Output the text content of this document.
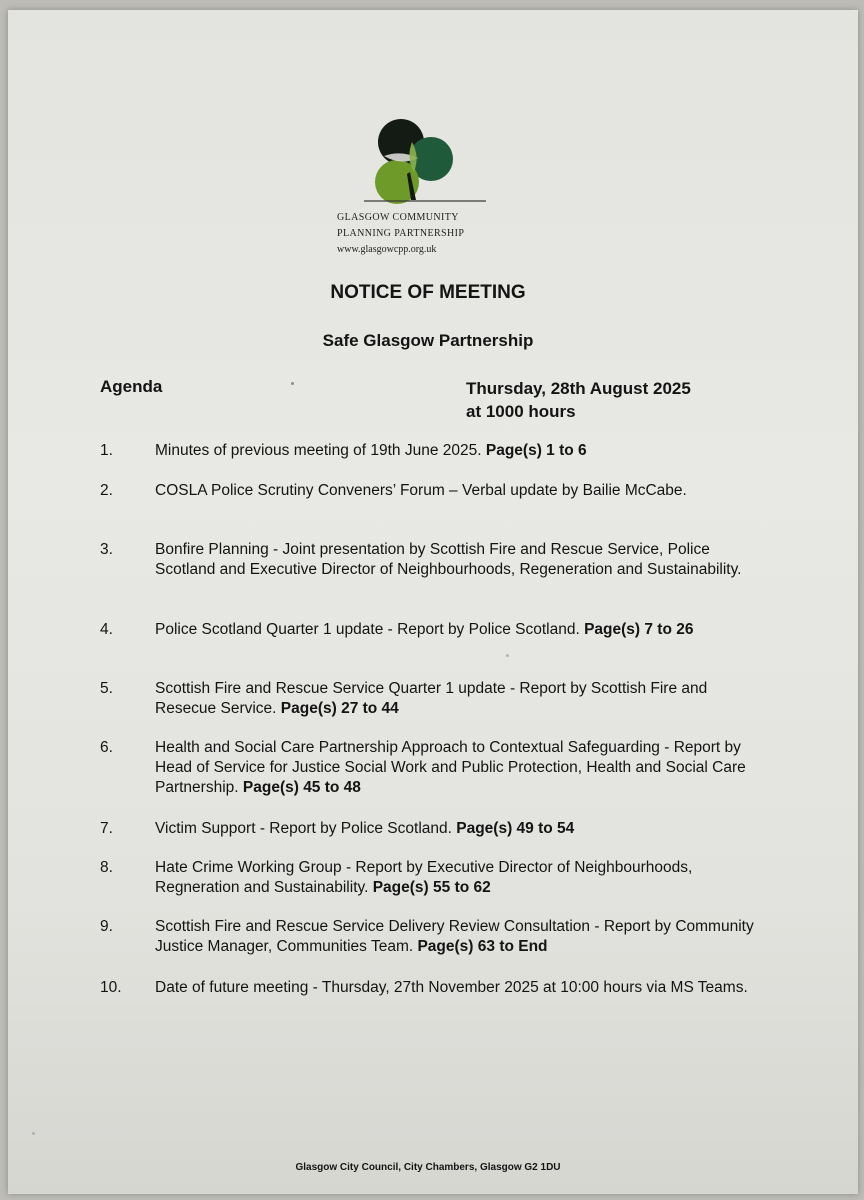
GLASGOW COMMUNITY
PLANNING PARTNERSHIP
www.glasgowcpp.org.uk
NOTICE OF MEETING
Safe Glasgow Partnership
Agenda	Thursday, 28th August 2025
at 1000 hours
1.	Minutes of previous meeting of 19th June 2025. Page(s) 1 to 6
2.	COSLA Police Scrutiny Conveners’ Forum – Verbal update by Bailie McCabe.
3.	Bonfire Planning - Joint presentation by Scottish Fire and Rescue Service, Police Scotland and Executive Director of Neighbourhoods, Regeneration and Sustainability.
4.	Police Scotland Quarter 1 update - Report by Police Scotland. Page(s) 7 to 26
5.	Scottish Fire and Rescue Service Quarter 1 update - Report by Scottish Fire and Resecue Service. Page(s) 27 to 44
6.	Health and Social Care Partnership Approach to Contextual Safeguarding - Report by Head of Service for Justice Social Work and Public Protection, Health and Social Care Partnership. Page(s) 45 to 48
7.	Victim Support - Report by Police Scotland. Page(s) 49 to 54
8.	Hate Crime Working Group - Report by Executive Director of Neighbourhoods, Regneration and Sustainability. Page(s) 55 to 62
9.	Scottish Fire and Rescue Service Delivery Review Consultation - Report by Community Justice Manager, Communities Team. Page(s) 63 to End
10. Date of future meeting - Thursday, 27th November 2025 at 10:00 hours via MS Teams.
Glasgow City Council, City Chambers, Glasgow G2 1DU
